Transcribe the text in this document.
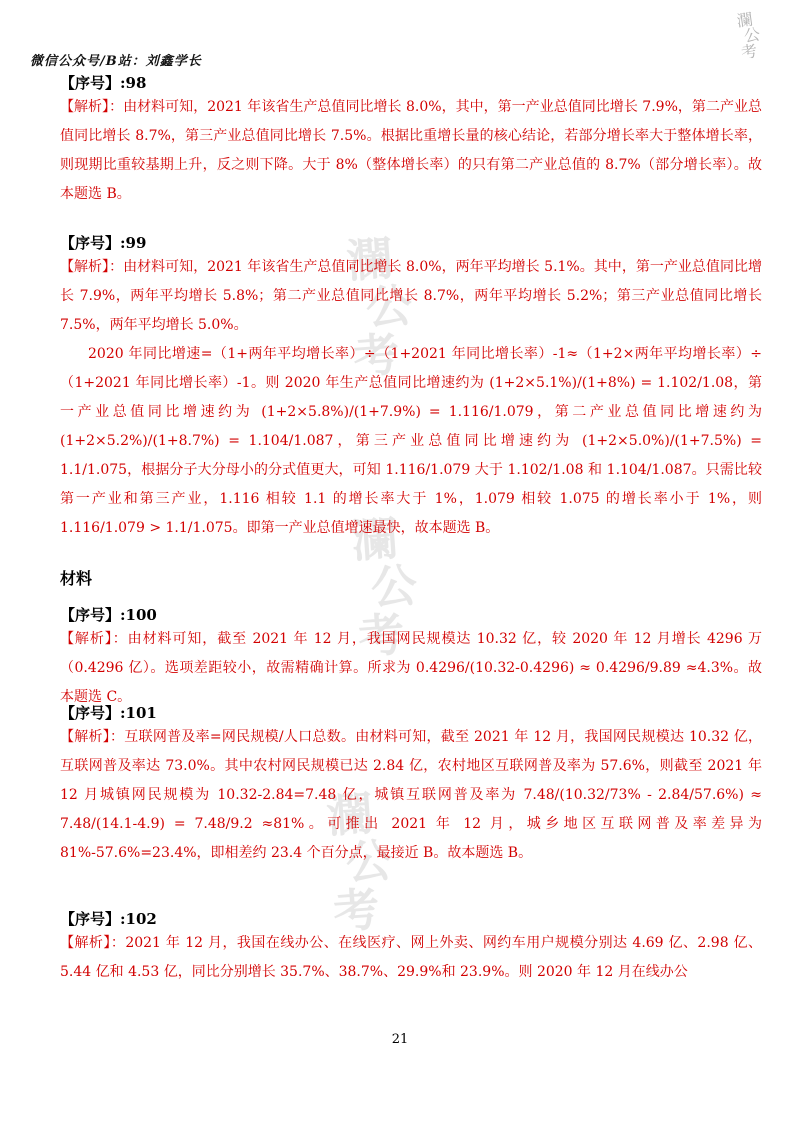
微信公众号/B站：刘鑫学长
瀾
公
考
瀾
公
考
瀾
公
考
瀾
公
考
【序号】:98
【解析】：由材料可知，2021 年该省生产总值同比增长 8.0%，其中，第一产业总值同比增长 7.9%，第二产业总值同比增长 8.7%，第三产业总值同比增长 7.5%。根据比重增长量的核心结论，若部分增长率大于整体增长率，则现期比重较基期上升，反之则下降。大于 8%（整体增长率）的只有第二产业总值的 8.7%（部分增长率）。故本题选 B。
【序号】:99
【解析】：由材料可知，2021 年该省生产总值同比增长 8.0%，两年平均增长 5.1%。其中，第一产业总值同比增长 7.9%，两年平均增长 5.8%；第二产业总值同比增长 8.7%，两年平均增长 5.2%；第三产业总值同比增长 7.5%，两年平均增长 5.0%。
2020 年同比增速=（1+两年平均增长率）÷（1+2021 年同比增长率）-1≈（1+2×两年平均增长率）÷（1+2021 年同比增长率）-1。则 2020 年生产总值同比增速约为 (1+2×5.1%)/(1+8%) = 1.102/1.08，第一产业总值同比增速约为 (1+2×5.8%)/(1+7.9%) = 1.116/1.079，第二产业总值同比增速约为 (1+2×5.2%)/(1+8.7%) = 1.104/1.087，第三产业总值同比增速约为 (1+2×5.0%)/(1+7.5%) = 1.1/1.075，根据分子大分母小的分式值更大，可知 1.116/1.079 大于 1.102/1.08 和 1.104/1.087。只需比较第一产业和第三产业，1.116 相较 1.1 的增长率大于 1%，1.079 相较 1.075 的增长率小于 1%，则 1.116/1.079 > 1.1/1.075。即第一产业总值增速最快，故本题选 B。
材料
【序号】:100
【解析】：由材料可知，截至 2021 年 12 月，我国网民规模达 10.32 亿，较 2020 年 12 月增长 4296 万（0.4296 亿）。选项差距较小，故需精确计算。所求为 0.4296/(10.32-0.4296) ≈ 0.4296/9.89 ≈4.3%。故本题选 C。
【序号】:101
【解析】：互联网普及率=网民规模/人口总数。由材料可知，截至 2021 年 12 月，我国网民规模达 10.32 亿，互联网普及率达 73.0%。其中农村网民规模已达 2.84 亿，农村地区互联网普及率为 57.6%，则截至 2021 年 12 月城镇网民规模为 10.32-2.84=7.48 亿，城镇互联网普及率为 7.48/(10.32/73% - 2.84/57.6%) ≈ 7.48/(14.1-4.9) = 7.48/9.2 ≈81%。可推出 2021 年 12 月，城乡地区互联网普及率差异为 81%-57.6%=23.4%，即相差约 23.4 个百分点，最接近 B。故本题选 B。
【序号】:102
【解析】：2021 年 12 月，我国在线办公、在线医疗、网上外卖、网约车用户规模分别达 4.69 亿、2.98 亿、5.44 亿和 4.53 亿，同比分别增长 35.7%、38.7%、29.9%和 23.9%。则 2020 年 12 月在线办公
21
